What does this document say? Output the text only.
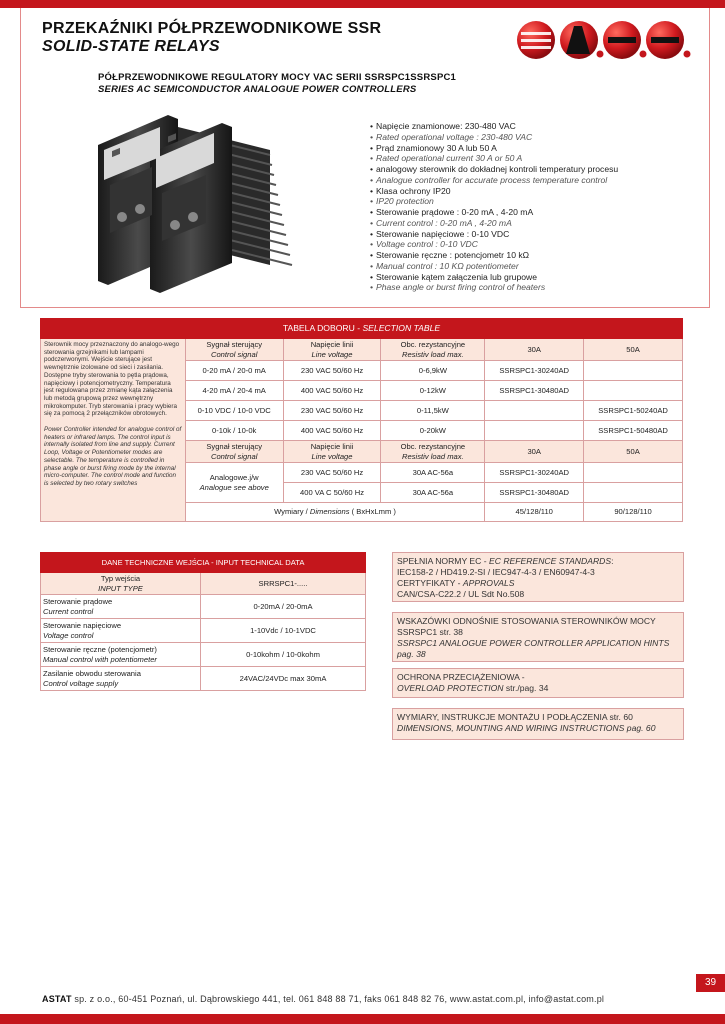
PRZEKAŹNIKI PÓŁPRZEWODNIKOWE SSR
SOLID-STATE RELAYS
PÓŁPRZEWODNIKOWE REGULATORY MOCY VAC SERII SSRSPC1SSRSPC1
SERIES AC SEMICONDUCTOR ANALOGUE POWER CONTROLLERS
• Napięcie znamionowe: 230-480 VAC
• Rated operational voltage : 230-480 VAC
• Prąd znamionowy 30 A lub 50 A
• Rated operational current 30 A or 50 A
• analogowy sterownik do dokładnej kontroli temperatury procesu
• Analogue controller for accurate process temperature control
• Klasa ochrony IP20
• IP20 protection
• Sterowanie prądowe : 0-20 mA , 4-20 mA
• Current control : 0-20 mA , 4-20 mA
• Sterowanie napięciowe : 0-10 VDC
• Voltage control : 0-10 VDC
• Sterowanie ręczne : potencjometr 10 kΩ
• Manual control : 10 KΩ potentiometer
• Sterowanie kątem załączenia lub grupowe
• Phase angle or burst firing control of heaters
TABELA DOBORU - SELECTION TABLE					
Sterownik mocy przeznaczony do analogo-wego sterowania grzejnikami lub lampami podczerwonymi. Wejście sterujące jest wewnętrznie izolowane od sieci i zasilania. Dostępne tryby sterowania to pętla prądowa, napięciowy i potencjometryczny. Temperatura jest regulowana przez zmianę kąta załączenia lub metodą grupową przez wewnętrzny mikrokomputer. Tryb sterowania i pracy wybiera się za pomocą 2 przełączników obrotowych.
Power Controller intended for analogue control of heaters or infrared lamps. The control input is internally isolated from line and supply. Current Loop, Voltage or Potentiometer modes are selectable. The temperature is controlled in phase angle or burst firing mode by the internal micro-computer. The control mode and function is selected by two rotary switches	Sygnał sterujący
Control signal	Napięcie linii
Line voltage	Obc. rezystancyjne
Resistiv load max.	30A	50A
	0-20 mA / 20-0 mA	230 VAC 50/60 Hz	0-6,9kW	SSRSPC1-30240AD	
	4-20 mA / 20-4 mA	400 VAC 50/60 Hz	0-12kW	SSRSPC1-30480AD	
	0-10 VDC / 10-0 VDC	230 VAC 50/60 Hz	0-11,5kW		SSRSPC1-50240AD
	0-10k / 10-0k	400 VAC 50/60 Hz	0-20kW		SSRSPC1-50480AD
	Sygnał sterujący
Control signal	Napięcie linii
Line voltage	Obc. rezystancyjne
Resistiv load max.	30A	50A
	Analogowe.j/w
Analogue see above	230 VAC 50/60 Hz	30A AC-56a	SSRSPC1-30240AD	
		400 VA C 50/60 Hz	30A AC-56a	SSRSPC1-30480AD	
	Wymiary / Dimensions ( BxHxLmm )			45/128/110	90/128/110
DANE TECHNICZNE WEJŚCIA - INPUT TECHNICAL DATA	
Typ wejścia
INPUT TYPE	SRRSPC1-.....
Sterowanie prądowe
Current control	0-20mA / 20-0mA
Sterowanie napięciowe
Voltage control	1-10Vdc / 10-1VDC
Sterowanie ręczne (potencjometr)
Manual control with potentiometer	0-10kohm / 10-0kohm
Zasilanie obwodu sterowania
Control voltage supply	24VAC/24VDc max 30mA
SPEŁNIA NORMY EC - EC REFERENCE STANDARDS:
IEC158-2 / HD419.2-SI / IEC947-4-3 / EN60947-4-3
CERTYFIKATY - APPROVALS
CAN/CSA-C22.2 / UL Sdt No.508
WSKAZÓWKI ODNOŚNIE STOSOWANIA STEROWNIKÓW MOCY
SSRSPC1 str. 38
SSRSPC1 ANALOGUE POWER CONTROLLER APPLICATION HINTS
pag. 38
OCHRONA PRZECIĄŻENIOWA -
OVERLOAD PROTECTION str./pag. 34
WYMIARY, INSTRUKCJE MONTAŻU I PODŁĄCZENIA str. 60
DIMENSIONS, MOUNTING AND WIRING INSTRUCTIONS pag. 60
39
ASTAT sp. z o.o., 60-451 Poznań, ul. Dąbrowskiego 441, tel. 061 848 88 71, faks 061 848 82 76, www.astat.com.pl, info@astat.com.pl
